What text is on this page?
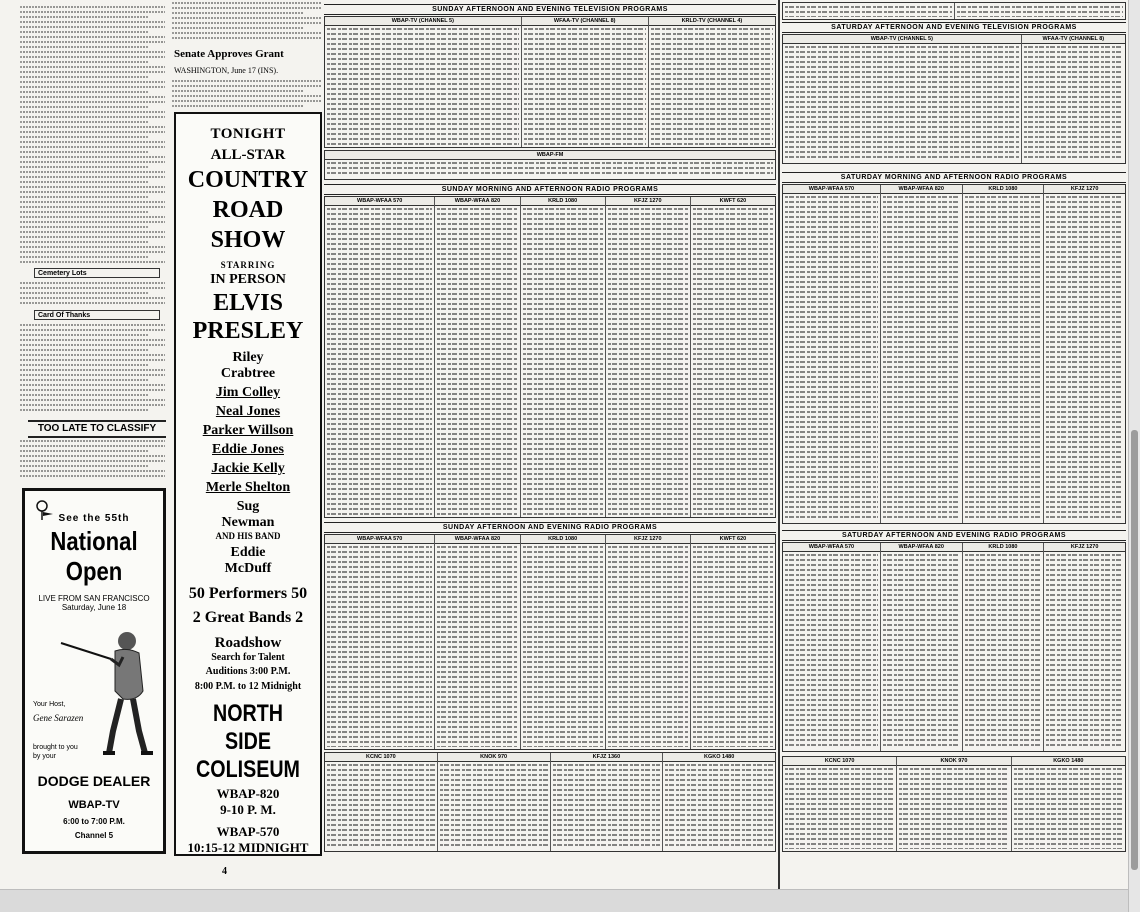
Cemetery Lots
Card Of Thanks
TOO LATE TO CLASSIFY
See the 55th
National
Open
LIVE FROM SAN FRANCISCO
Saturday, June 18
Your Host,
Gene Sarazen
brought to you by your
DODGE DEALER
WBAP-TV
6:00 to 7:00 P.M.
Channel 5
Senate Approves Grant
WASHINGTON, June 17 (INS).
TONIGHT
ALL-STAR
COUNTRY
ROAD
SHOW
STARRING
IN PERSON
ELVIS
PRESLEY
Riley
Crabtree
Jim Colley
Neal Jones
Parker Willson
Eddie Jones
Jackie Kelly
Merle Shelton
Sug
Newman
AND HIS BAND
Eddie
McDuff
50 Performers 50
2 Great Bands 2
Roadshow
Search for Talent
Auditions 3:00 P.M.
8:00 P.M. to 12 Midnight
NORTH SIDE
COLISEUM
WBAP-820
9-10 P. M.
WBAP-570
10:15-12 MIDNIGHT
4
SUNDAY AFTERNOON AND EVENING TELEVISION PROGRAMS
WBAP-TV (CHANNEL 5)	WFAA-TV (CHANNEL 8)	KRLD-TV (CHANNEL 4)
WBAP-FM
SUNDAY MORNING AND AFTERNOON RADIO PROGRAMS
WBAP-WFAA 570	WBAP-WFAA 820	KRLD 1080	KFJZ 1270	KWFT 620
SUNDAY AFTERNOON AND EVENING RADIO PROGRAMS
WBAP-WFAA 570	WBAP-WFAA 820	KRLD 1080	KFJZ 1270	KWFT 620
KCNC 1070	KNOK 970	KFJZ 1360	KGKO 1480
SATURDAY AFTERNOON AND EVENING TELEVISION PROGRAMS
WBAP-TV (CHANNEL 5)	WFAA-TV (CHANNEL 8)
SATURDAY MORNING AND AFTERNOON RADIO PROGRAMS
WBAP-WFAA 570	WBAP-WFAA 820	KRLD 1080	KFJZ 1270
SATURDAY AFTERNOON AND EVENING RADIO PROGRAMS
WBAP-WFAA 570	WBAP-WFAA 820	KRLD 1080	KFJZ 1270
KCNC 1070	KNOK 970	KGKO 1480
